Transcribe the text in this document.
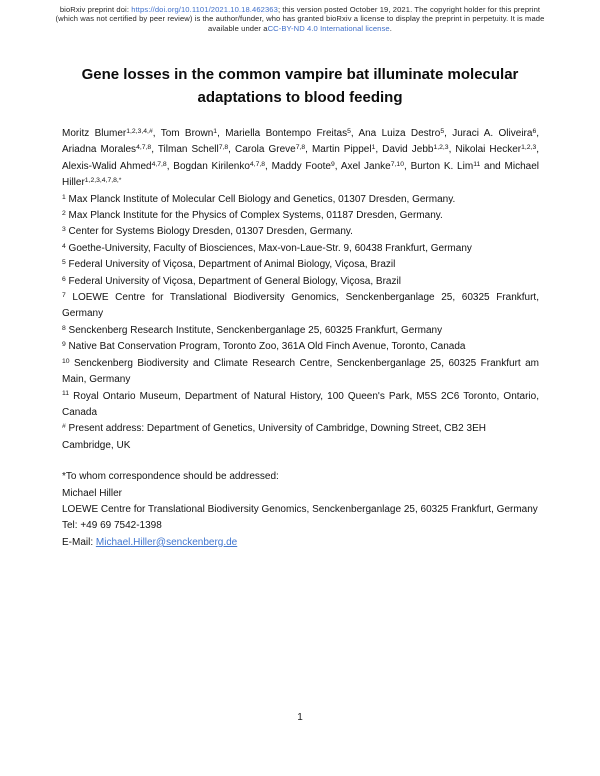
bioRxiv preprint doi: https://doi.org/10.1101/2021.10.18.462363; this version posted October 19, 2021. The copyright holder for this preprint
(which was not certified by peer review) is the author/funder, who has granted bioRxiv a license to display the preprint in perpetuity. It is made
available under aCC-BY-ND 4.0 International license.
Gene losses in the common vampire bat illuminate molecular adaptations to blood feeding

Moritz Blumer$^{1,2,3,4,\#}$, Tom Brown$^1$, Mariella Bontempo Freitas$^5$, Ana Luiza Destro$^5$, Juraci A. Oliveira$^6$, Ariadna Morales$^{4,7,8}$, Tilman Schell$^{7,8}$, Carola Greve$^{7,8}$, Martin Pippel$^1$, David Jebb$^{1,2,3}$, Nikolai Hecker$^{1,2,3}$, Alexis-Walid Ahmed$^{4,7,8}$, Bogdan Kirilenko$^{4,7,8}$, Maddy Foote$^9$, Axel Janke$^{7,10}$, Burton K. Lim$^{11}$ and Michael Hiller$^{1,2,3,4,7,8,*}$

$^1$ Max Planck Institute of Molecular Cell Biology and Genetics, 01307 Dresden, Germany.

$^2$ Max Planck Institute for the Physics of Complex Systems, 01187 Dresden, Germany.

$^3$ Center for Systems Biology Dresden, 01307 Dresden, Germany.

$^4$ Goethe-University, Faculty of Biosciences, Max-von-Laue-Str. 9, 60438 Frankfurt, Germany

$^5$ Federal University of Viçosa, Department of Animal Biology, Viçosa, Brazil

$^6$ Federal University of Viçosa, Department of General Biology, Viçosa, Brazil

$^7$ LOEWE Centre for Translational Biodiversity Genomics, Senckenberganlage 25, 60325 Frankfurt, Germany

$^8$ Senckenberg Research Institute, Senckenberganlage 25, 60325 Frankfurt, Germany

$^9$ Native Bat Conservation Program, Toronto Zoo, 361A Old Finch Avenue, Toronto, Canada

$^{10}$ Senckenberg Biodiversity and Climate Research Centre, Senckenberganlage 25, 60325 Frankfurt am Main, Germany

$^{11}$ Royal Ontario Museum, Department of Natural History, 100 Queen's Park, M5S 2C6 Toronto, Ontario, Canada

# Present address: Department of Genetics, University of Cambridge, Downing Street, CB2 3EH Cambridge, UK

*To whom correspondence should be addressed:

Michael Hiller

LOEWE Centre for Translational Biodiversity Genomics, Senckenberganlage 25, 60325 Frankfurt, Germany

Tel: +49 69 7542-1398

E-Mail: Michael.Hiller@senckenberg.de

1
